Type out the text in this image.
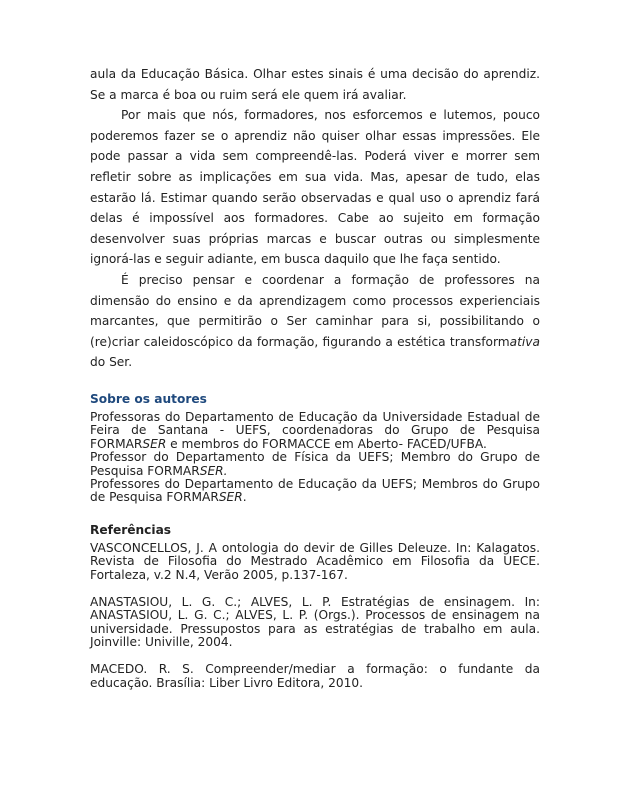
aula da Educação Básica. Olhar estes sinais é uma decisão do aprendiz. Se a marca é boa ou ruim será ele quem irá avaliar.

Por mais que nós, formadores, nos esforcemos e lutemos, pouco poderemos fazer se o aprendiz não quiser olhar essas impressões. Ele pode passar a vida sem compreendê-las. Poderá viver e morrer sem refletir sobre as implicações em sua vida. Mas, apesar de tudo, elas estarão lá. Estimar quando serão observadas e qual uso o aprendiz fará delas é impossível aos formadores. Cabe ao sujeito em formação desenvolver suas próprias marcas e buscar outras ou simplesmente ignorá-las e seguir adiante, em busca daquilo que lhe faça sentido.

É preciso pensar e coordenar a formação de professores na dimensão do ensino e da aprendizagem como processos experienciais marcantes, que permitirão o Ser caminhar para si, possibilitando o (re)criar caleidoscópico da formação, figurando a estética transformativa do Ser.

Sobre os autores
Professoras do Departamento de Educação da Universidade Estadual de Feira de Santana - UEFS, coordenadoras do Grupo de Pesquisa FORMARSER e membros do FORMACCE em Aberto- FACED/UFBA.
Professor do Departamento de Física da UEFS; Membro do Grupo de Pesquisa FORMARSER.
Professores do Departamento de Educação da UEFS; Membros do Grupo de Pesquisa FORMARSER.
Referências

VASCONCELLOS, J. A ontologia do devir de Gilles Deleuze. In: Kalagatos. Revista de Filosofia do Mestrado Acadêmico em Filosofia da UECE. Fortaleza, v.2 N.4, Verão 2005, p.137-167.

ANASTASIOU, L. G. C.; ALVES, L. P. Estratégias de ensinagem. In: ANASTASIOU, L. G. C.; ALVES, L. P. (Orgs.). Processos de ensinagem na universidade. Pressupostos para as estratégias de trabalho em aula. Joinville: Univille, 2004.

MACEDO. R. S. Compreender/mediar a formação: o fundante da educação. Brasília: Liber Livro Editora, 2010.
